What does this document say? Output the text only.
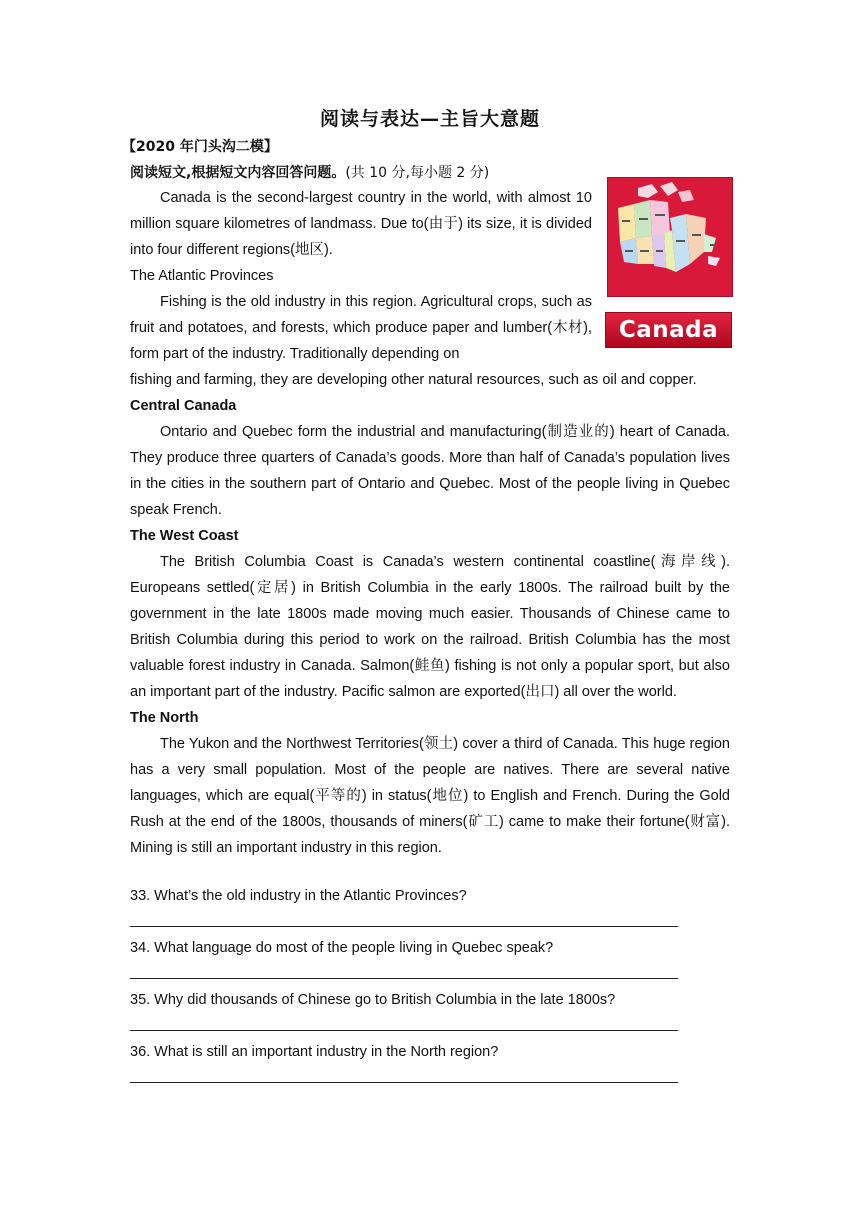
阅读与表达—主旨大意题
【2020 年门头沟二模】
阅读短文,根据短文内容回答问题。(共 10 分,每小题 2 分)
Canada

Canada is the second-largest country in the world, with almost 10 million square kilometres of landmass. Due to(由于) its size, it is divided into four different regions(地区).

The Atlantic Provinces

Fishing is the old industry in this region. Agricultural crops, such as fruit and potatoes, and forests, which produce paper and lumber(木材), form part of the industry. Traditionally depending on

fishing and farming, they are developing other natural resources, such as oil and copper.

Central Canada

Ontario and Quebec form the industrial and manufacturing(制造业的) heart of Canada. They produce three quarters of Canada’s goods. More than half of Canada’s population lives in the cities in the southern part of Ontario and Quebec. Most of the people living in Quebec speak French.

The West Coast

The British Columbia Coast is Canada’s western continental coastline(海岸线). Europeans settled(定居) in British Columbia in the early 1800s. The railroad built by the government in the late 1800s made moving much easier. Thousands of Chinese came to British Columbia during this period to work on the railroad. British Columbia has the most valuable forest industry in Canada. Salmon(鲑鱼) fishing is not only a popular sport, but also an important part of the industry. Pacific salmon are exported(出口) all over the world.

The North

The Yukon and the Northwest Territories(领土) cover a third of Canada. This huge region has a very small population. Most of the people are natives. There are several native languages, which are equal(平等的) in status(地位) to English and French. During the Gold Rush at the end of the 1800s, thousands of miners(矿工) came to make their fortune(财富). Mining is still an important industry in this region.

33. What’s the old industry in the Atlantic Provinces?
34. What language do most of the people living in Quebec speak?
35. Why did thousands of Chinese go to British Columbia in the late 1800s?
36. What is still an important industry in the North region?
